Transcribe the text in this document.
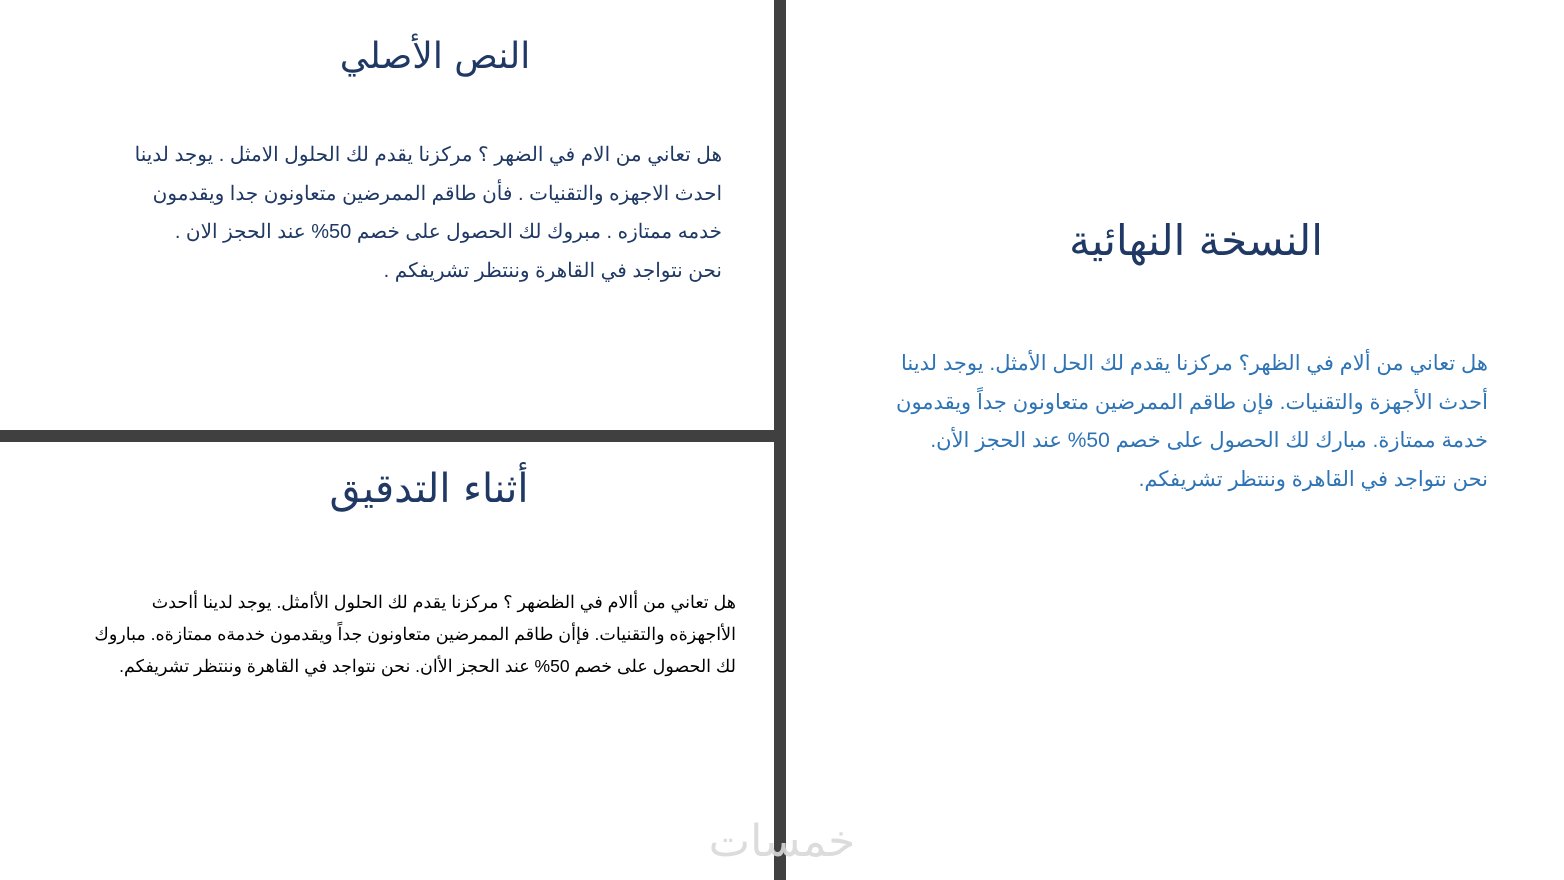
النص الأصلي

هل تعاني من الام في الضهر ؟ مركزنا يقدم لك الحلول الامثل . يوجد لدينا
احدث الاجهزه والتقنيات . فأن طاقم الممرضين متعاونون جدا ويقدمون
خدمه ممتازه . مبروك لك الحصول على خصم 50% عند الحجز الان .
نحن نتواجد في القاهرة وننتظر تشريفكم .

أثناء التدقيق

هل تعاني من أالام في الظضهر ؟ مركزنا يقدم لك الحلول الأامثل. يوجد لدينا أاحدث
الأاجهزةه والتقنيات. فإأن طاقم الممرضين متعاونون جداً ويقدمون خدمةه ممتازةه. مباروك
لك الحصول على خصم 50% عند الحجز الأان. نحن نتواجد في القاهرة وننتظر تشريفكم.

النسخة النهائية

هل تعاني من ألام في الظهر؟ مركزنا يقدم لك الحل الأمثل. يوجد لدينا
أحدث الأجهزة والتقنيات. فإن طاقم الممرضين متعاونون جداً ويقدمون
خدمة ممتازة. مبارك لك الحصول على خصم 50% عند الحجز الأن.
نحن نتواجد في القاهرة وننتظر تشريفكم.

خمسات
